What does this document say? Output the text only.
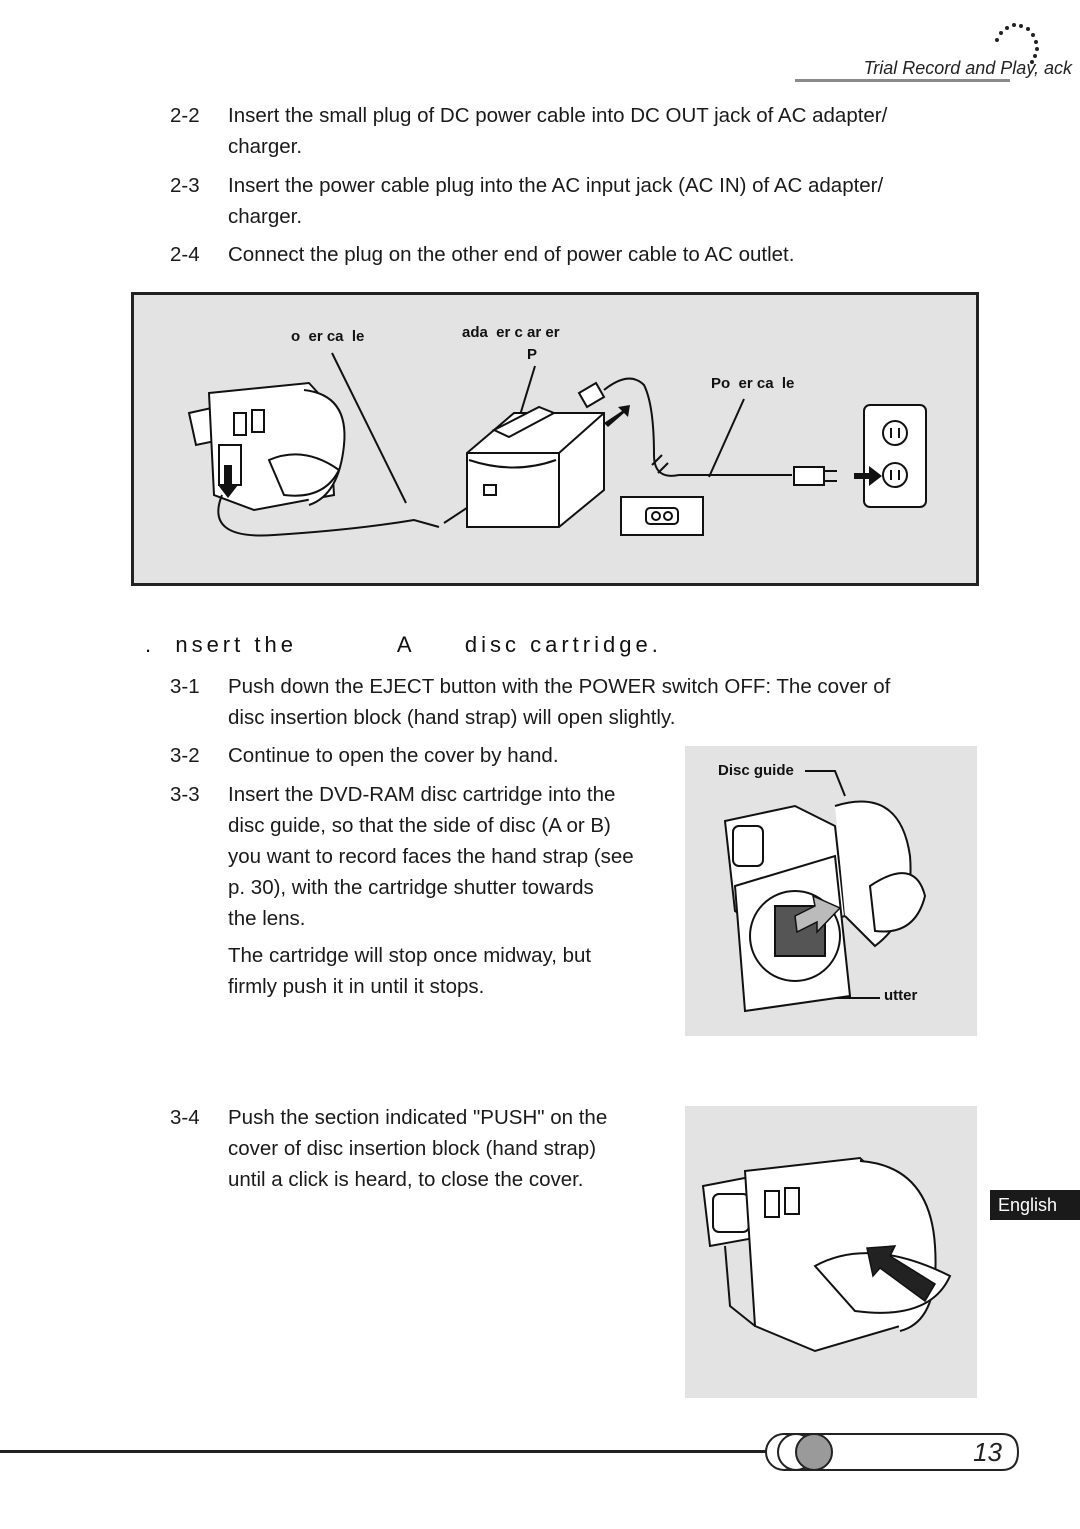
Trial Record and Play, ack
2-2	Insert the small plug of DC power cable into DC OUT jack of AC adapter/
charger.
2-3	Insert the power cable plug into the AC input jack (AC IN) of AC adapter/
charger.
2-4	Connect the plug on the other end of power cable to AC outlet.
o  er ca  le	ada  er c ar er
P
Po  er ca  le
.  nsert the          A     disc cartridge.
3-1	Push down the EJECT button with the POWER switch OFF: The cover of
disc insertion block (hand strap) will open slightly.
3-2	Continue to open the cover by hand.
3-3	Insert the DVD-RAM disc cartridge into the
disc guide, so that the side of disc (A or B)
you want to record faces the hand strap (see
p. 30), with the cartridge shutter towards
the lens.
The cartridge will stop once midway, but
firmly push it in until it stops.
Disc guide
utter
3-4	Push the section indicated "PUSH" on the
cover of disc insertion block (hand strap)
until a click is heard, to close the cover.
English
13
